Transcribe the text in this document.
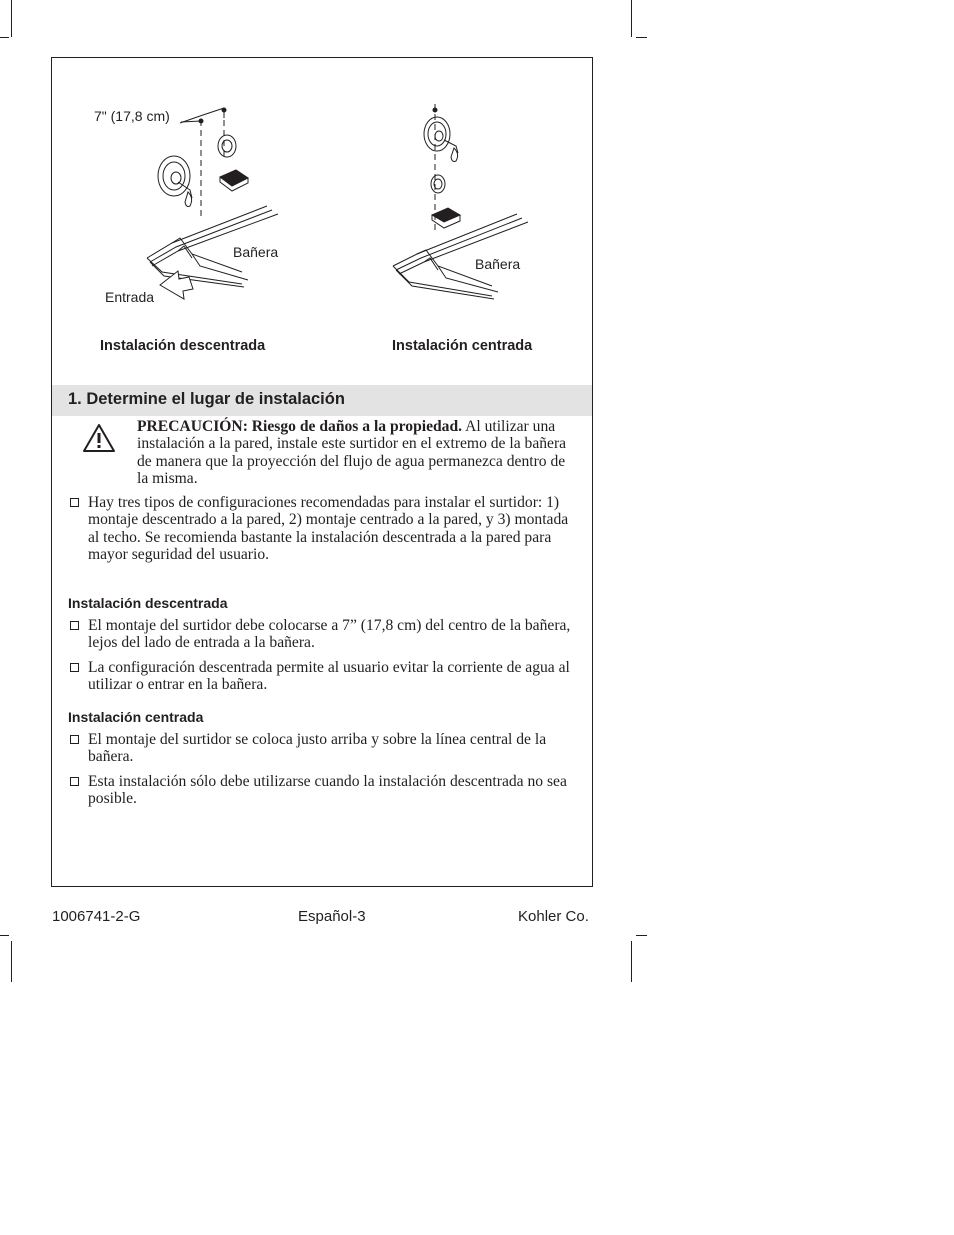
7" (17,8 cm)
Bañera
Entrada
Bañera
Instalación descentrada	Instalación centrada
1. Determine el lugar de instalación
PRECAUCIÓN: Riesgo de daños a la propiedad. Al utilizar una instalación a la pared, instale este surtidor en el extremo de la bañera de manera que la proyección del flujo de agua permanezca dentro de la misma.
Hay tres tipos de configuraciones recomendadas para instalar el surtidor: 1) montaje descentrado a la pared, 2) montaje centrado a la pared, y 3) montada al techo. Se recomienda bastante la instalación descentrada a la pared para mayor seguridad del usuario.
Instalación descentrada
El montaje del surtidor debe colocarse a 7” (17,8 cm) del centro de la bañera, lejos del lado de entrada a la bañera.
La configuración descentrada permite al usuario evitar la corriente de agua al utilizar o entrar en la bañera.
Instalación centrada
El montaje del surtidor se coloca justo arriba y sobre la línea central de la bañera.
Esta instalación sólo debe utilizarse cuando la instalación descentrada no sea posible.
1006741-2-G	Español-3	Kohler Co.
